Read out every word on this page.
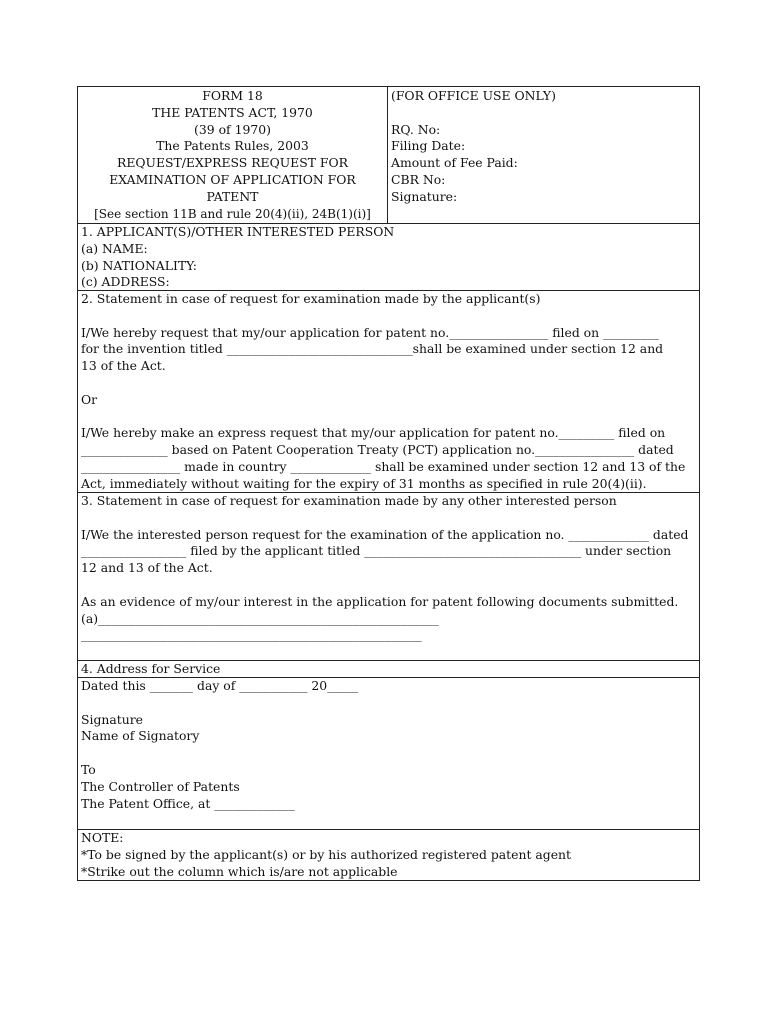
FORM 18
THE PATENTS ACT, 1970
(39 of 1970)
The Patents Rules, 2003
REQUEST/EXPRESS REQUEST FOR
EXAMINATION OF APPLICATION FOR
PATENT
[See section 11B and rule 20(4)(ii), 24B(1)(i)]
(FOR OFFICE USE ONLY)
RQ. No:
Filing Date:
Amount of Fee Paid:
CBR No:
Signature:
1. APPLICANT(S)/OTHER INTERESTED PERSON
(a) NAME:
(b) NATIONALITY:
(c) ADDRESS:
2. Statement in case of request for examination made by the applicant(s)
I/We hereby request that my/our application for patent no.________________ filed on _________
for the invention titled ______________________________shall be examined under section 12 and
13 of the Act.
Or
I/We hereby make an express request that my/our application for patent no._________ filed on
______________ based on Patent Cooperation Treaty (PCT) application no.________________ dated
________________ made in country _____________ shall be examined under section 12 and 13 of the
Act, immediately without waiting for the expiry of 31 months as specified in rule 20(4)(ii).
3. Statement in case of request for examination made by any other interested person
I/We the interested person request for the examination of the application no. _____________ dated
_________________ filed by the applicant titled ___________________________________ under section
12 and 13 of the Act.
As an evidence of my/our interest in the application for patent following documents submitted.
(a)_______________________________________________________
_______________________________________________________
4. Address for Service
Dated this _______ day of ___________ 20_____
Signature
Name of Signatory
To
The Controller of Patents
The Patent Office, at _____________
NOTE:
*To be signed by the applicant(s) or by his authorized registered patent agent
*Strike out the column which is/are not applicable
